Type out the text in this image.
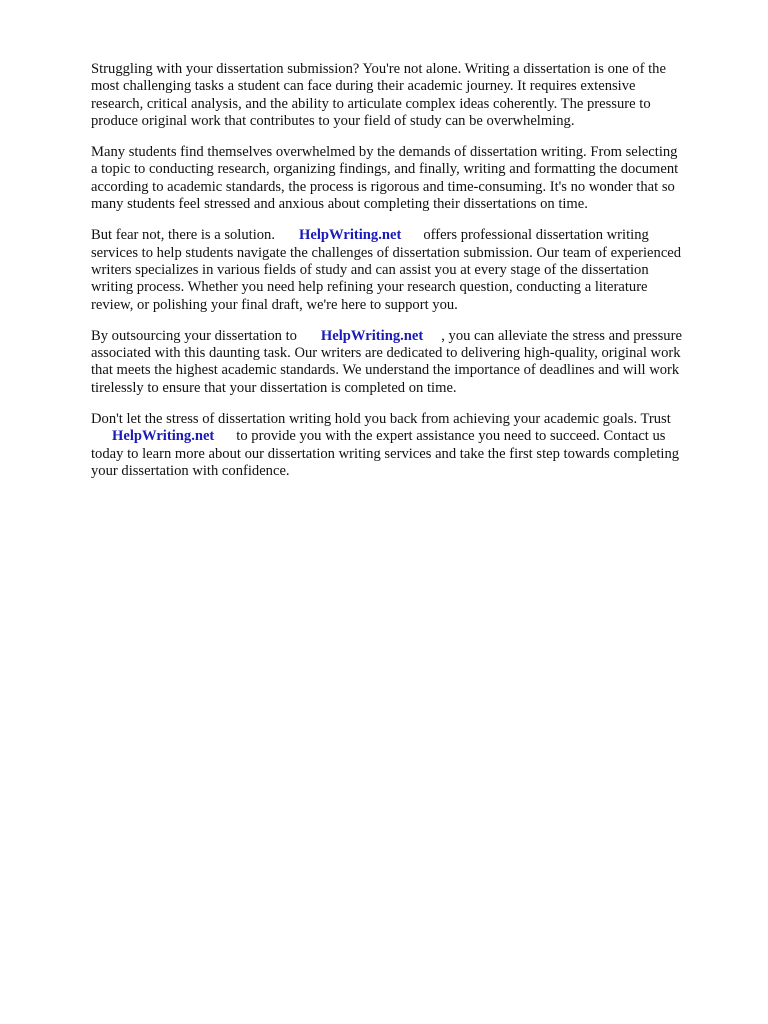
Struggling with your dissertation submission? You're not alone. Writing a dissertation is one of the
most challenging tasks a student can face during their academic journey. It requires extensive
research, critical analysis, and the ability to articulate complex ideas coherently. The pressure to
produce original work that contributes to your field of study can be overwhelming.

Many students find themselves overwhelmed by the demands of dissertation writing. From selecting
a topic to conducting research, organizing findings, and finally, writing and formatting the document
according to academic standards, the process is rigorous and time-consuming. It's no wonder that so
many students feel stressed and anxious about completing their dissertations on time.

But fear not, there is a solution. HelpWriting.net offers professional dissertation writing
services to help students navigate the challenges of dissertation submission. Our team of experienced
writers specializes in various fields of study and can assist you at every stage of the dissertation
writing process. Whether you need help refining your research question, conducting a literature
review, or polishing your final draft, we're here to support you.

By outsourcing your dissertation to HelpWriting.net , you can alleviate the stress and pressure
associated with this daunting task. Our writers are dedicated to delivering high-quality, original work
that meets the highest academic standards. We understand the importance of deadlines and will work
tirelessly to ensure that your dissertation is completed on time.

Don't let the stress of dissertation writing hold you back from achieving your academic goals. Trust
HelpWriting.net to provide you with the expert assistance you need to succeed. Contact us
today to learn more about our dissertation writing services and take the first step towards completing
your dissertation with confidence.
